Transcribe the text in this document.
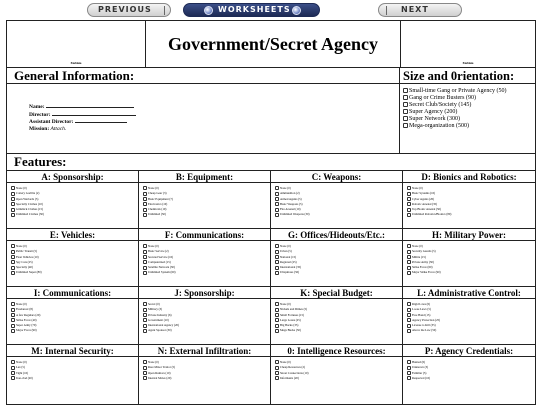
PREVIOUS	WORKSHEETS	NEXT
Emblem
Government/Secret Agency
Emblem
General Information:
Name:
Director:
Assistant Director:
Mission: Attach.
Size and 0rientation:
Small-time Gang or Private Agency (50)
Gang or Crime Busters (90)
Secret Club/Society (145)
Super Agency (200)
Super Network (300)
Mega-organization (500)
Features:
A: Sponsorship:
None (0)
Cottery Gorillia (2)
Open Warlords (5)
Specialty Clothes (10)
Gimmick Clothes (15)
Unlimited Clothes (30)
B: Equipment:
None (0)
Cheap Gear (3)
Basic Equipment (7)
Electronics (10)
Chemicals (10)
Unlimited (50)
C: Weapons:
None (0)
Ammunition (2)
Armed Agents (5)
Basic Weapons (5)
Fire Arsenal (10)
Unlimited Weapons (30)
D: Bionics and Robotics:
None (0)
Basic Systems (10)
Cyber Agents (20)
Robotic Arsenal (35)
Top Bionic Arsenal (50)
Unlimited Robotics/Bionics (80)
E: Vehicles:
None (0)
Public Transit (5)
Fleet Vehicles (10)
Spy Cars (25)
Specialty (40)
Unlimited Super (80)
F: Communications:
None (0)
Basic Service (2)
Secured Service (10)
Computerized (15)
Satellite Network (30)
Unlimited System (60)
G: Offices/Hideouts/Etc.:
None (0)
Urban (5)
National (15)
Regional (25)
International (35)
Ubiquitous (50)
H: Military Power:
None (0)
Security Guards (5)
Militia (15)
Private Army (30)
Strike Force (60)
Major Strike Force (90)
I: Communications:
None (0)
Freelancer (8)
A few Regulars (20)
Strike Force (40)
Super Army (70)
Major Force (90)
J: Sponsorship:
Secret (0)
Military (3)
Private Industry (6)
Government (10)
International Agency (20)
Agent Sponsor (30)
K: Special Budget:
None (0)
Nickels and Dimes (5)
Small Fortunes (15)
Large Loans (25)
Big Bucks (35)
Mega Bucks (50)
L: Administrative Control:
Rigid Laws (0)
Loose Laws (5)
Free Hand (15)
Agency Protection (25)
License to Kill (35)
Above the Law (50)
M: Internal Security:
None (0)
Lax (5)
Tight (10)
Iron-clad (20)
N: External Infiltration:
None (0)
Rare Minor Traitor (5)
Open Rumors (10)
Internal Moles (20)
0: Intelligence Resources:
None (0)
Cheap Resources (2)
Street Connections (10)
Informants (20)
P: Agency Credentials:
Hunted (0)
Unknown (3)
Familiar (5)
Respected (10)
